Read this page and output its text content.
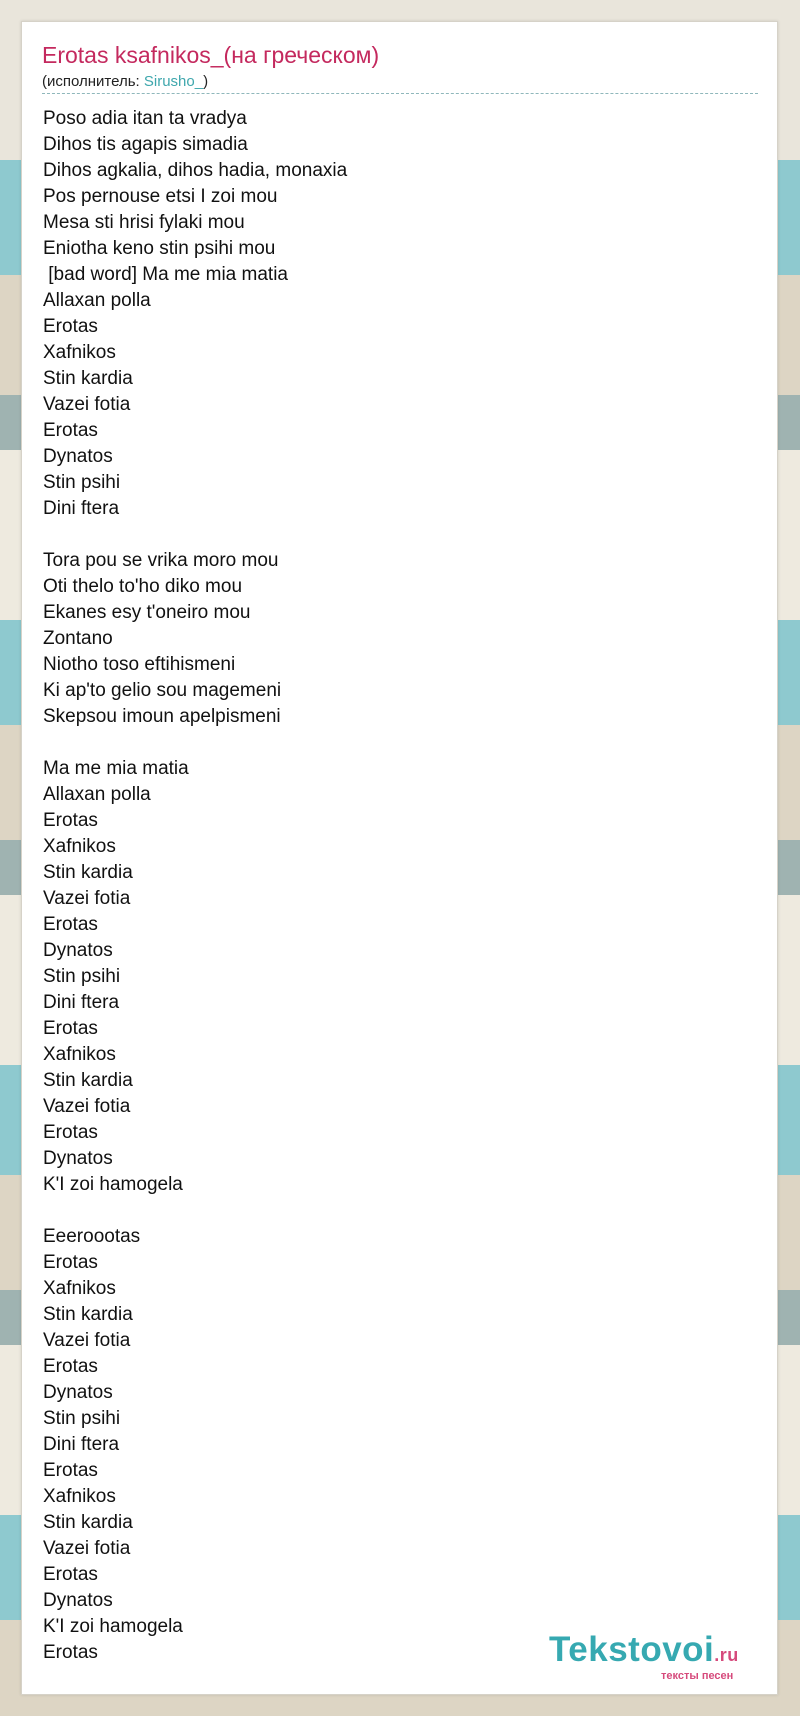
Erotas ksafnikos_(на греческом)
(исполнитель: Sirusho_)
Poso adia itan ta vradya
Dihos tis agapis simadia
Dihos agkalia, dihos hadia, monaxia
Pos pernouse etsi I zoi mou
Mesa sti hrisi fylaki mou
Eniotha keno stin psihi mou
[bad word] Ma me mia matia
Allaxan polla
Erotas
Xafnikos
Stin kardia
Vazei fotia
Erotas
Dynatos
Stin psihi
Dini ftera
Tora pou se vrika moro mou
Oti thelo to'ho diko mou
Ekanes esy t'oneiro mou
Zontano
Niotho toso eftihismeni
Ki ap'to gelio sou magemeni
Skepsou imoun apelpismeni
Ma me mia matia
Allaxan polla
Erotas
Xafnikos
Stin kardia
Vazei fotia
Erotas
Dynatos
Stin psihi
Dini ftera
Erotas
Xafnikos
Stin kardia
Vazei fotia
Erotas
Dynatos
K'I zoi hamogela
Eeeroootas
Erotas
Xafnikos
Stin kardia
Vazei fotia
Erotas
Dynatos
Stin psihi
Dini ftera
Erotas
Xafnikos
Stin kardia
Vazei fotia
Erotas
Dynatos
K'I zoi hamogela
Erotas	Tekstovoi.ru
тексты песен
